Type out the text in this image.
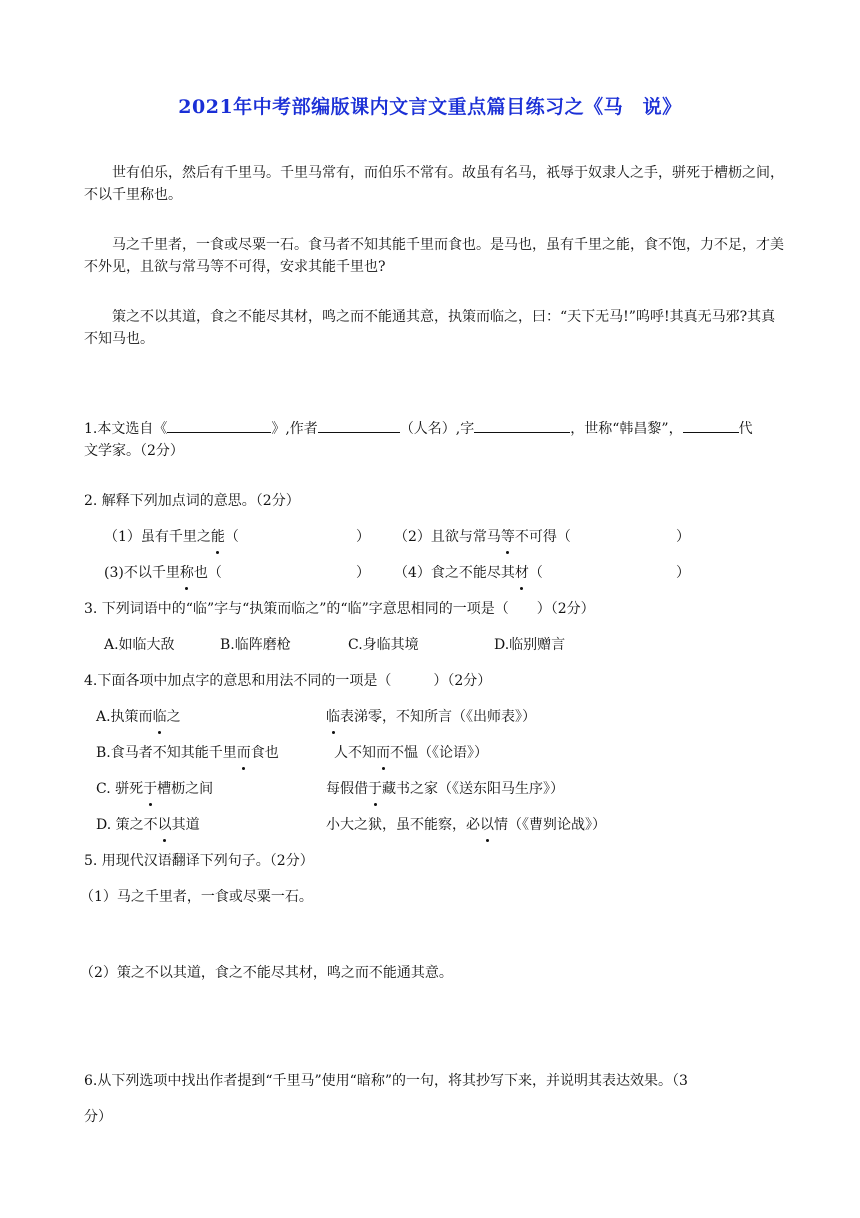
2021年中考部编版课内文言文重点篇目练习之《马　说》
世有伯乐，然后有千里马。千里马常有，而伯乐不常有。故虽有名马，祇辱于奴隶人之手，骈死于槽枥之间，不以千里称也。
马之千里者，一食或尽粟一石。食马者不知其能千里而食也。是马也，虽有千里之能，食不饱，力不足，才美不外见，且欲与常马等不可得，安求其能千里也?
策之不以其道，食之不能尽其材，鸣之而不能通其意，执策而临之，曰：“天下无马!”呜呼!其真无马邪?其真不知马也。
1.本文选自《	》,作者	（人名）,字	，世称“韩昌黎”，	代
文学家。（2分）
2. 解释下列加点词的意思。（2分）
（1）虽有千里之能（	） （2）且欲与常马等不可得（	）
(3)不以千里称也（	） （4）食之不能尽其材（	）
3. 下列词语中的“临”字与“执策而临之”的“临”字意思相同的一项是（　　）（2分）
A.如临大敌	B.临阵磨枪	C.身临其境	D.临别赠言
4.下面各项中加点字的意思和用法不同的一项是（　　　）（2分）
A.执策而临之	临表涕零，不知所言（《出师表》）
B.食马者不知其能千里而食也	人不知而不愠（《论语》）
C. 骈死于槽枥之间	每假借于藏书之家（《送东阳马生序》）
D. 策之不以其道	小大之狱，虽不能察，必以情（《曹刿论战》）
5. 用现代汉语翻译下列句子。（2分）
（1）马之千里者，一食或尽粟一石。
（2）策之不以其道，食之不能尽其材，鸣之而不能通其意。
6.从下列选项中找出作者提到“千里马”使用“暗称”的一句，将其抄写下来，并说明其表达效果。（3
分）
